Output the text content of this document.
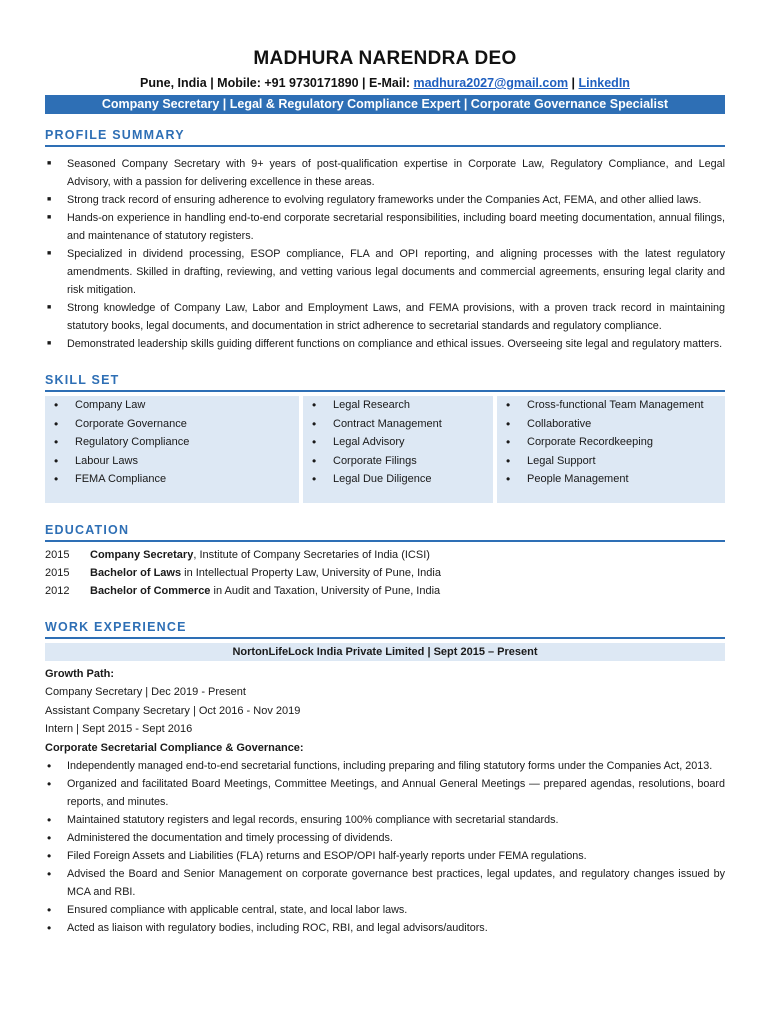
MADHURA NARENDRA DEO
Pune, India | Mobile: +91 9730171890 | E-Mail: madhura2027@gmail.com | LinkedIn
Company Secretary | Legal & Regulatory Compliance Expert | Corporate Governance Specialist
PROFILE SUMMARY
■ Seasoned Company Secretary with 9+ years of post-qualification expertise in Corporate Law, Regulatory Compliance, and Legal Advisory, with a passion for delivering excellence in these areas.
■ Strong track record of ensuring adherence to evolving regulatory frameworks under the Companies Act, FEMA, and other allied laws.
■ Hands-on experience in handling end-to-end corporate secretarial responsibilities, including board meeting documentation, annual filings, and maintenance of statutory registers.
■ Specialized in dividend processing, ESOP compliance, FLA and OPI reporting, and aligning processes with the latest regulatory amendments. Skilled in drafting, reviewing, and vetting various legal documents and commercial agreements, ensuring legal clarity and risk mitigation.
■ Strong knowledge of Company Law, Labor and Employment Laws, and FEMA provisions, with a proven track record in maintaining statutory books, legal documents, and documentation in strict adherence to secretarial standards and regulatory compliance.
■ Demonstrated leadership skills guiding different functions on compliance and ethical issues. Overseeing site legal and regulatory matters.
SKILL SET
• Company Law
• Corporate Governance
• Regulatory Compliance
• Labour Laws
• FEMA Compliance
• Legal Research
• Contract Management
• Legal Advisory
• Corporate Filings
• Legal Due Diligence
• Cross-functional Team Management
• Collaborative
• Corporate Recordkeeping
• Legal Support
• People Management
EDUCATION
2015	Company Secretary, Institute of Company Secretaries of India (ICSI)
2015	Bachelor of Laws in Intellectual Property Law, University of Pune, India
2012	Bachelor of Commerce in Audit and Taxation, University of Pune, India
WORK EXPERIENCE
NortonLifeLock India Private Limited | Sept 2015 – Present
Growth Path:
Company Secretary | Dec 2019 - Present
Assistant Company Secretary | Oct 2016 - Nov 2019
Intern | Sept 2015 - Sept 2016
Corporate Secretarial Compliance & Governance:
• Independently managed end-to-end secretarial functions, including preparing and filing statutory forms under the Companies Act, 2013.
• Organized and facilitated Board Meetings, Committee Meetings, and Annual General Meetings — prepared agendas, resolutions, board reports, and minutes.
• Maintained statutory registers and legal records, ensuring 100% compliance with secretarial standards.
• Administered the documentation and timely processing of dividends.
• Filed Foreign Assets and Liabilities (FLA) returns and ESOP/OPI half-yearly reports under FEMA regulations.
• Advised the Board and Senior Management on corporate governance best practices, legal updates, and regulatory changes issued by MCA and RBI.
• Ensured compliance with applicable central, state, and local labor laws.
• Acted as liaison with regulatory bodies, including ROC, RBI, and legal advisors/auditors.
